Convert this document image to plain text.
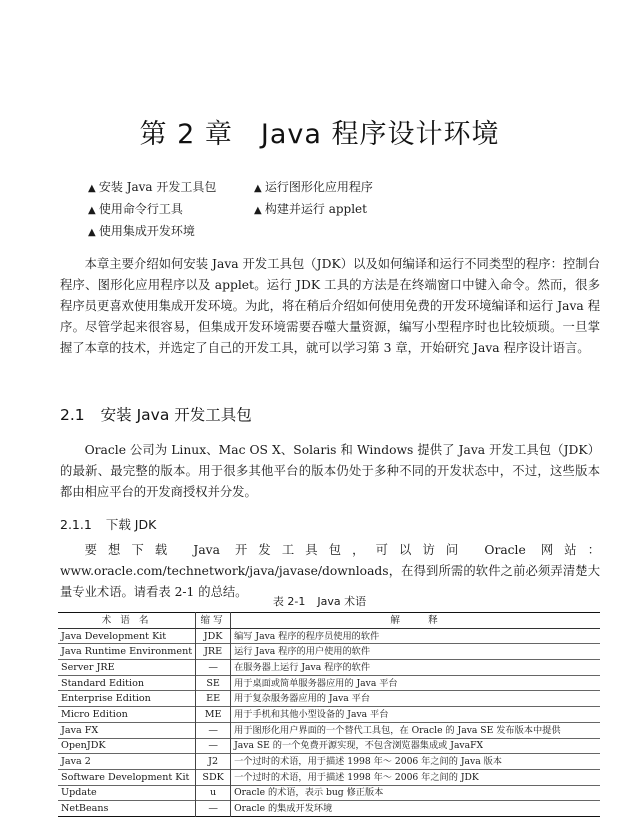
第 2 章 Java 程序设计环境
▲ 安装 Java 开发工具包	▲ 运行图形化应用程序
▲ 使用命令行工具	▲ 构建并运行 applet
▲ 使用集成开发环境

本章主要介绍如何安装 Java 开发工具包（JDK）以及如何编译和运行不同类型的程序：控制台程序、图形化应用程序以及 applet。运行 JDK 工具的方法是在终端窗口中键入命令。然而，很多程序员更喜欢使用集成开发环境。为此，将在稍后介绍如何使用免费的开发环境编译和运行 Java 程序。尽管学起来很容易，但集成开发环境需要吞噬大量资源，编写小型程序时也比较烦琐。一旦掌握了本章的技术，并选定了自己的开发工具，就可以学习第 3 章，开始研究 Java 程序设计语言。

2.1 安装 Java 开发工具包

Oracle 公司为 Linux、Mac OS X、Solaris 和 Windows 提供了 Java 开发工具包（JDK）的最新、最完整的版本。用于很多其他平台的版本仍处于多种不同的开发状态中，不过，这些版本都由相应平台的开发商授权并分发。

2.1.1 下载 JDK

要想下载 Java 开发工具包，可以访问 Oracle 网站：www.oracle.com/technetwork/java/javase/downloads，在得到所需的软件之前必须弄清楚大量专业术语。请看表 2-1 的总结。

表 2-1 Java 术语
术 语 名	缩写	解　　释
Java Development Kit	JDK	编写 Java 程序的程序员使用的软件
Java Runtime Environment	JRE	运行 Java 程序的用户使用的软件
Server JRE	—	在服务器上运行 Java 程序的软件
Standard Edition	SE	用于桌面或简单服务器应用的 Java 平台
Enterprise Edition	EE	用于复杂服务器应用的 Java 平台
Micro Edition	ME	用于手机和其他小型设备的 Java 平台
Java FX	—	用于图形化用户界面的一个替代工具包，在 Oracle 的 Java SE 发布版本中提供
OpenJDK	—	Java SE 的一个免费开源实现，不包含浏览器集成或 JavaFX
Java 2	J2	一个过时的术语，用于描述 1998 年～ 2006 年之间的 Java 版本
Software Development Kit	SDK	一个过时的术语，用于描述 1998 年～ 2006 年之间的 JDK
Update	u	Oracle 的术语，表示 bug 修正版本
NetBeans	—	Oracle 的集成开发环境
